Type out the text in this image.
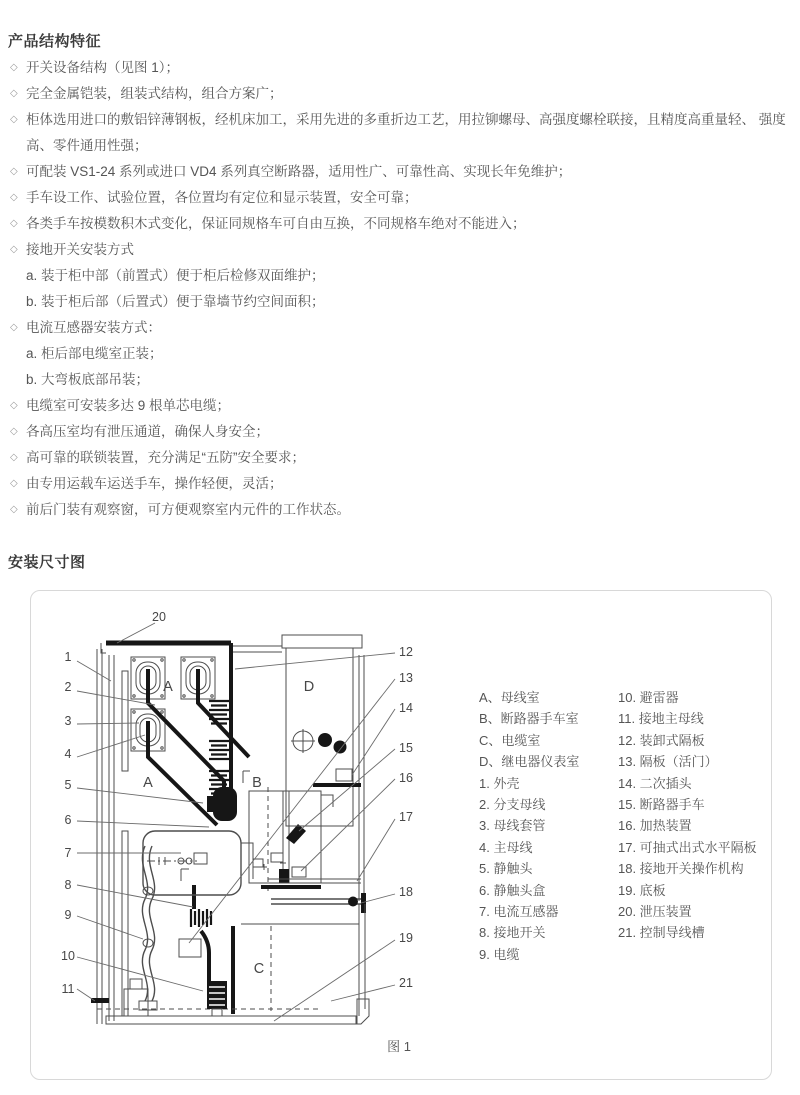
产品结构特征
◇ 开关设备结构（见图 1）；
◇ 完全金属铠装，组装式结构，组合方案广；
◇ 柜体选用进口的敷铝锌薄钢板，经机床加工，采用先进的多重折边工艺，用拉铆螺母、高强度螺栓联接，且精度高重量轻、 强度高、零件通用性强；
◇ 可配装 VS1-24 系列或进口 VD4 系列真空断路器，适用性广、可靠性高、实现长年免维护；
◇ 手车设工作、试验位置，各位置均有定位和显示装置，安全可靠；
◇ 各类手车按模数积木式变化，保证同规格车可自由互换，不同规格车绝对不能进入；
◇ 接地开关安装方式
a. 装于柜中部（前置式）便于柜后检修双面维护；
b. 装于柜后部（后置式）便于靠墙节约空间面积；
◇ 电流互感器安装方式：
a. 柜后部电缆室正装；
b. 大弯板底部吊装；
◇ 电缆室可安装多达 9 根单芯电缆；
◇ 各高压室均有泄压通道，确保人身安全；
◇ 高可靠的联锁装置，充分满足“五防”安全要求；
◇ 由专用运载车运送手车，操作轻便，灵活；
◇ 前后门装有观察窗，可方便观察室内元件的工作状态。
安装尺寸图
1
2
3
4
5
6
7
8
9
10
11
20
12
13
14
15
16
17
18
19
21
A
A	B
C
D
图 1
A、母线室
B、断路器手车室
C、电缆室
D、继电器仪表室
1. 外壳
2. 分支母线
3. 母线套管
4. 主母线
5. 静触头
6. 静触头盒
7. 电流互感器
8. 接地开关
9. 电缆
10. 避雷器
11. 接地主母线
12. 装卸式隔板
13. 隔板（活门）
14. 二次插头
15. 断路器手车
16. 加热装置
17. 可抽式出式水平隔板
18. 接地开关操作机构
19. 底板
20. 泄压装置
21. 控制导线槽
